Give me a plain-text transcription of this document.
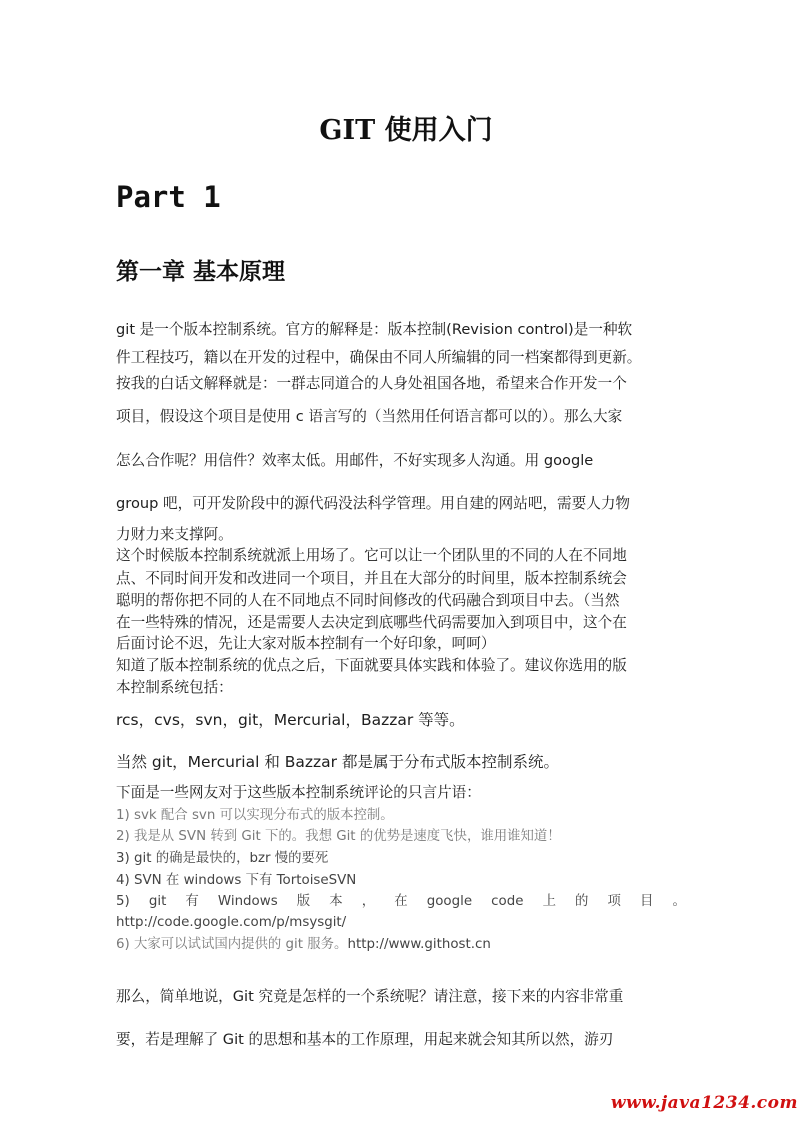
GIT 使用入门
Part 1
第一章 基本原理

git 是一个版本控制系统。官方的解释是：版本控制(Revision control)是一种软

件工程技巧，籍以在开发的过程中，确保由不同人所编辑的同一档案都得到更新。

按我的白话文解释就是：一群志同道合的人身处祖国各地，希望来合作开发一个

项目，假设这个项目是使用 c 语言写的（当然用任何语言都可以的）。那么大家

怎么合作呢？用信件？效率太低。用邮件，不好实现多人沟通。用 google

group 吧，可开发阶段中的源代码没法科学管理。用自建的网站吧，需要人力物

力财力来支撑阿。

这个时候版本控制系统就派上用场了。它可以让一个团队里的不同的人在不同地

点、不同时间开发和改进同一个项目，并且在大部分的时间里，版本控制系统会

聪明的帮你把不同的人在不同地点不同时间修改的代码融合到项目中去。（当然

在一些特殊的情况，还是需要人去决定到底哪些代码需要加入到项目中，这个在

后面讨论不迟，先让大家对版本控制有一个好印象，呵呵）

知道了版本控制系统的优点之后，下面就要具体实践和体验了。建议你选用的版

本控制系统包括：

rcs，cvs，svn，git，Mercurial，Bazzar 等等。

当然 git，Mercurial 和 Bazzar 都是属于分布式版本控制系统。

下面是一些网友对于这些版本控制系统评论的只言片语：

1) svk 配合 svn 可以实现分布式的版本控制。

2) 我是从 SVN 转到 Git 下的。我想 Git 的优势是速度飞快，谁用谁知道！

3) git 的确是最快的，bzr 慢的要死

4) SVN 在 windows 下有 TortoiseSVN

5) git 有 Windows 版 本 ， 在 google code 上 的 项 目 。

http://code.google.com/p/msysgit/

6) 大家可以试试国内提供的 git 服务。http://www.githost.cn

那么，简单地说，Git 究竟是怎样的一个系统呢？请注意，接下来的内容非常重

要，若是理解了 Git 的思想和基本的工作原理，用起来就会知其所以然，游刃

www.java1234.com
